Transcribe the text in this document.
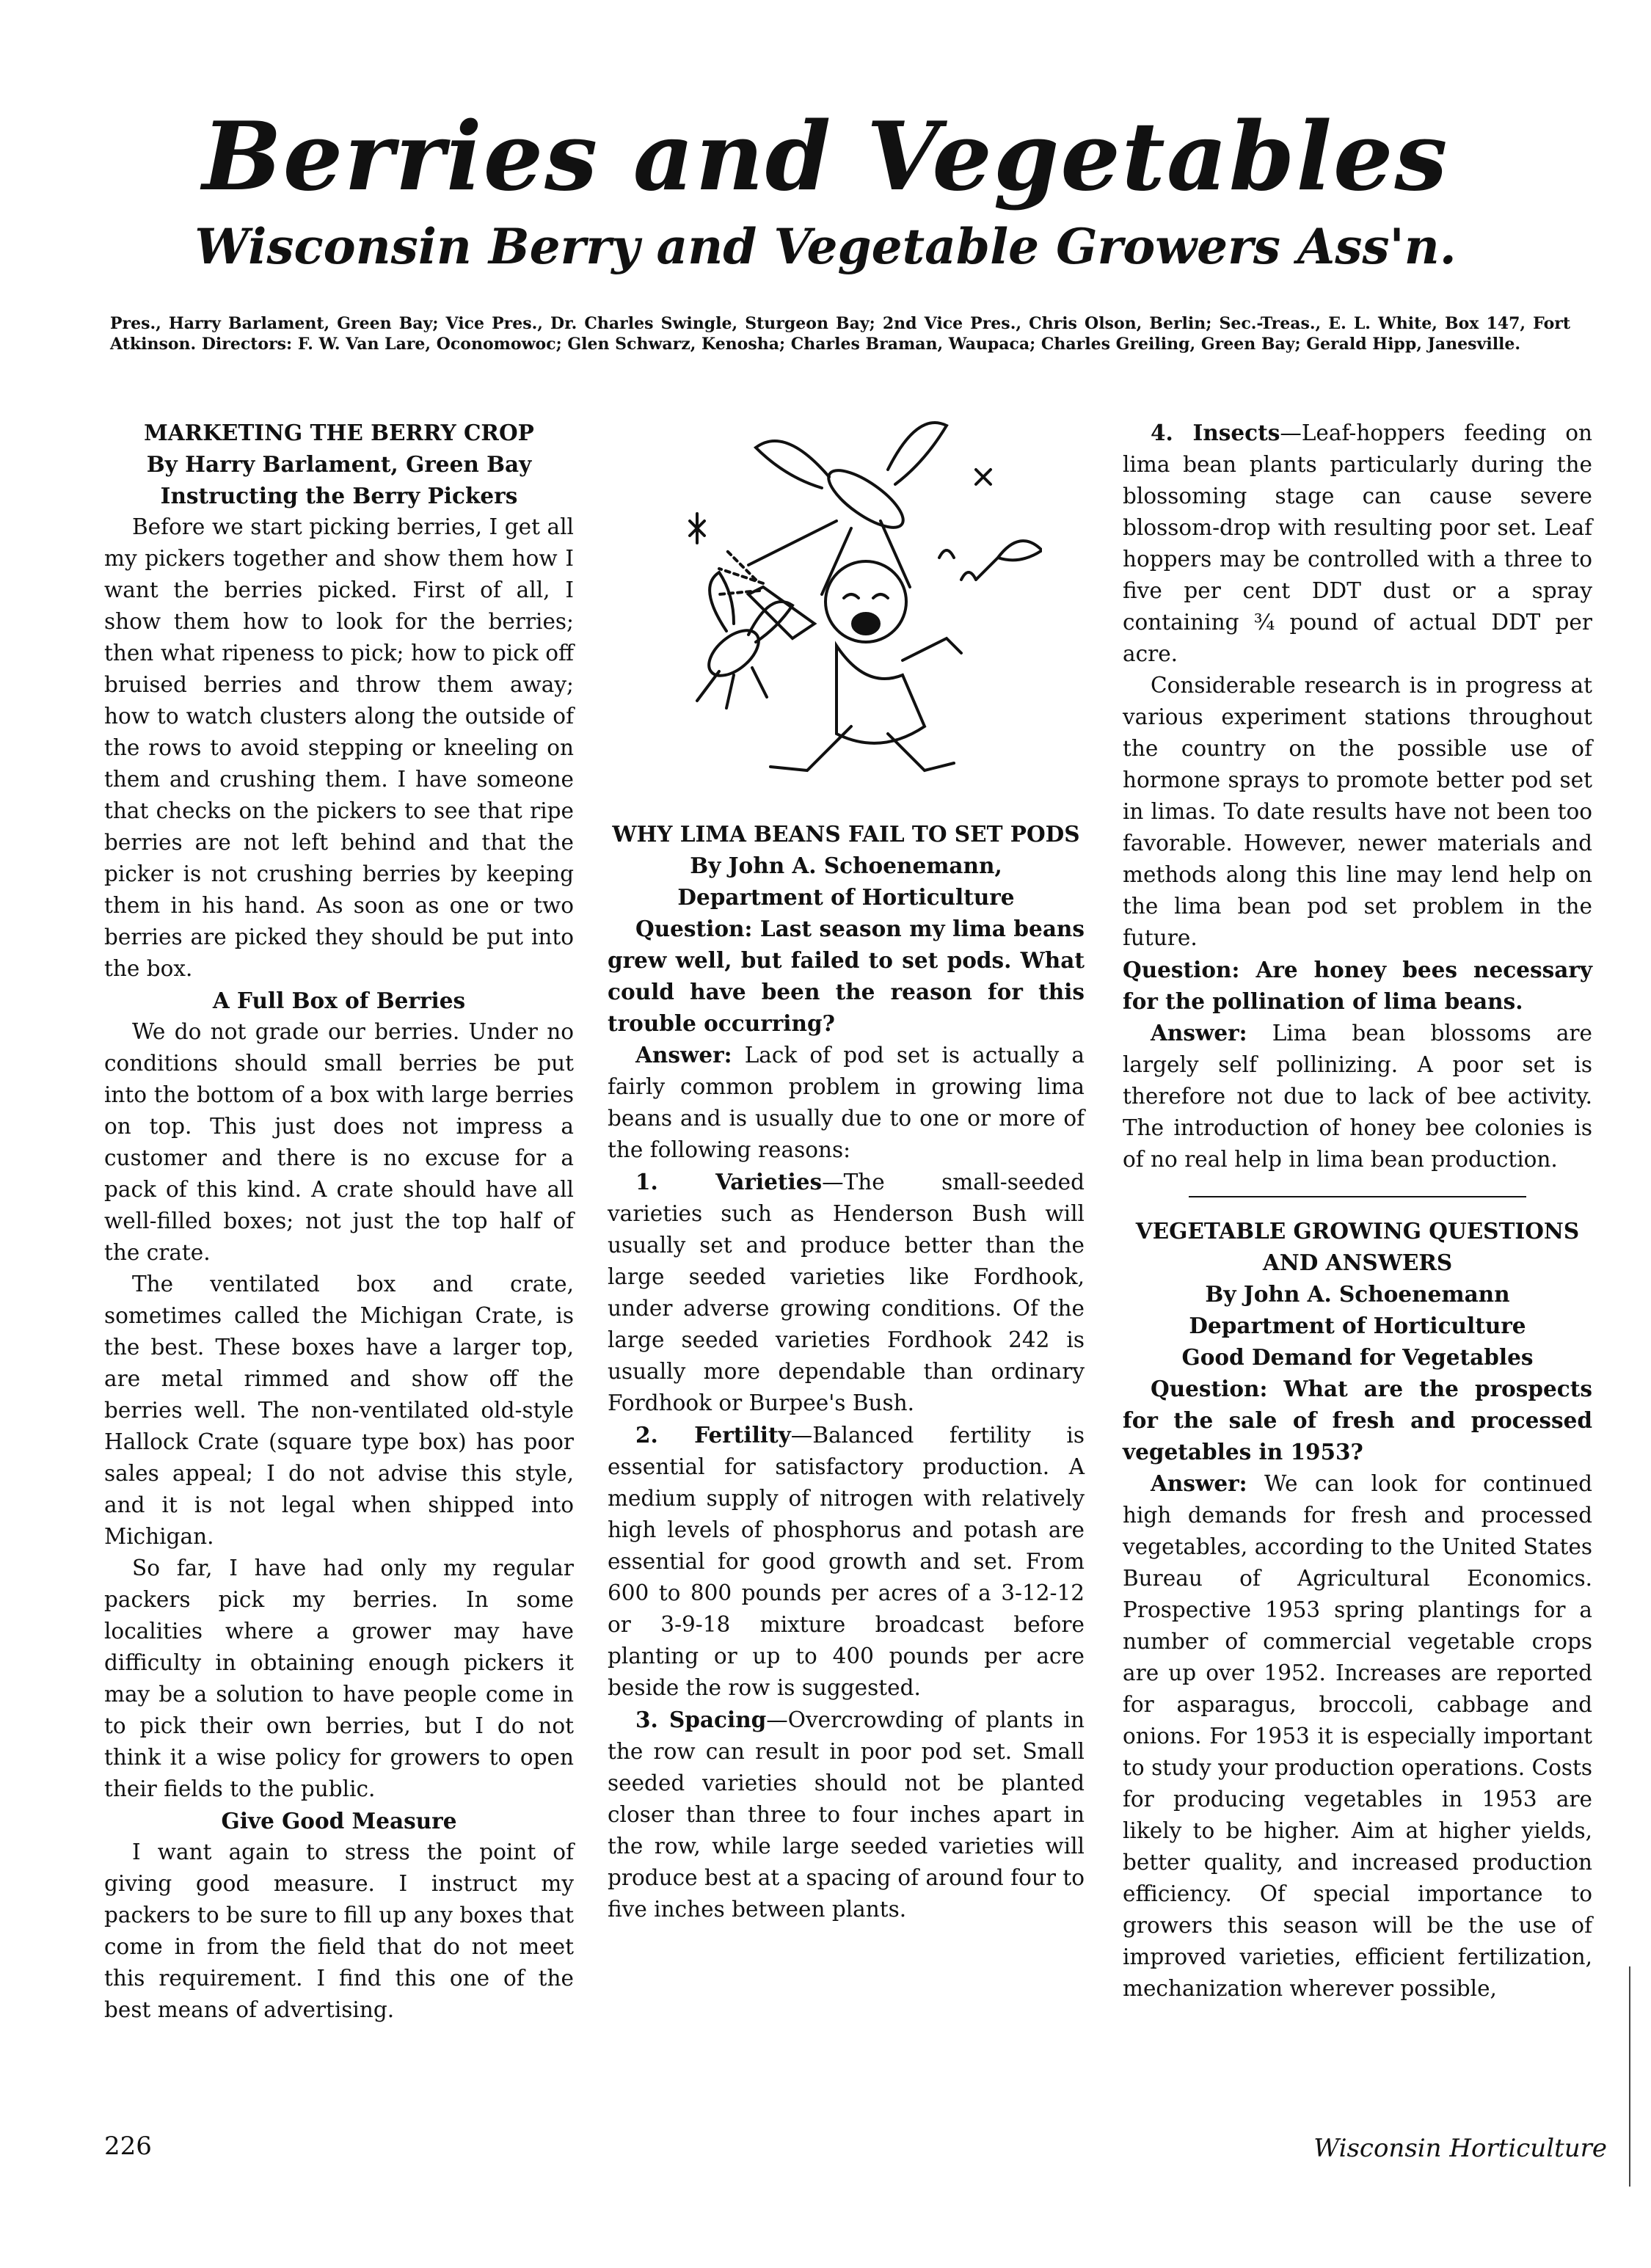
Berries and Vegetables
Wisconsin Berry and Vegetable Growers Ass'n.
Pres., Harry Barlament, Green Bay; Vice Pres., Dr. Charles Swingle, Sturgeon Bay; 2nd Vice Pres., Chris Olson, Berlin; Sec.-Treas., E. L. White, Box 147, Fort Atkinson. Directors: F. W. Van Lare, Oconomowoc; Glen Schwarz, Kenosha; Charles Braman, Waupaca; Charles Greiling, Green Bay; Gerald Hipp, Janesville.
MARKETING THE BERRY CROP
By Harry Barlament, Green Bay
Instructing the Berry Pickers

Before we start picking berries, I get all my pickers together and show them how I want the berries picked. First of all, I show them how to look for the berries; then what ripeness to pick; how to pick off bruised berries and throw them away; how to watch clusters along the outside of the rows to avoid stepping or kneeling on them and crushing them. I have someone that checks on the pickers to see that ripe berries are not left behind and that the picker is not crushing berries by keeping them in his hand. As soon as one or two berries are picked they should be put into the box.

A Full Box of Berries

We do not grade our berries. Under no conditions should small berries be put into the bottom of a box with large berries on top. This just does not impress a customer and there is no excuse for a pack of this kind. A crate should have all well-filled boxes; not just the top half of the crate.

The ventilated box and crate, sometimes called the Michigan Crate, is the best. These boxes have a larger top, are metal rimmed and show off the berries well. The non-ventilated old-style Hallock Crate (square type box) has poor sales appeal; I do not advise this style, and it is not legal when shipped into Michigan.

So far, I have had only my regular packers pick my berries. In some localities where a grower may have difficulty in obtaining enough pickers it may be a solution to have people come in to pick their own berries, but I do not think it a wise policy for growers to open their fields to the public.

Give Good Measure

I want again to stress the point of giving good measure. I instruct my packers to be sure to fill up any boxes that come in from the field that do not meet this requirement. I find this one of the best means of advertising.

WHY LIMA BEANS FAIL TO SET PODS
By John A. Schoenemann,
Department of Horticulture

Question: Last season my lima beans grew well, but failed to set pods. What could have been the reason for this trouble occurring?

Answer: Lack of pod set is actually a fairly common problem in growing lima beans and is usually due to one or more of the following reasons:

1. Varieties—The small-seeded varieties such as Henderson Bush will usually set and produce better than the large seeded varieties like Fordhook, under adverse growing conditions. Of the large seeded varieties Fordhook 242 is usually more dependable than ordinary Fordhook or Burpee's Bush.

2. Fertility—Balanced fertility is essential for satisfactory production. A medium supply of nitrogen with relatively high levels of phosphorus and potash are essential for good growth and set. From 600 to 800 pounds per acres of a 3-12-12 or 3-9-18 mixture broadcast before planting or up to 400 pounds per acre beside the row is suggested.

3. Spacing—Overcrowding of plants in the row can result in poor pod set. Small seeded varieties should not be planted closer than three to four inches apart in the row, while large seeded varieties will produce best at a spacing of around four to five inches between plants.

4. Insects—Leaf-hoppers feeding on lima bean plants particularly during the blossoming stage can cause severe blossom-drop with resulting poor set. Leaf hoppers may be controlled with a three to five per cent DDT dust or a spray containing ¾ pound of actual DDT per acre.

Considerable research is in progress at various experiment stations throughout the country on the possible use of hormone sprays to promote better pod set in limas. To date results have not been too favorable. However, newer materials and methods along this line may lend help on the lima bean pod set problem in the future.

Question: Are honey bees necessary for the pollination of lima beans.

Answer: Lima bean blossoms are largely self pollinizing. A poor set is therefore not due to lack of bee activity. The introduction of honey bee colonies is of no real help in lima bean production.

VEGETABLE GROWING QUESTIONS AND ANSWERS
By John A. Schoenemann
Department of Horticulture
Good Demand for Vegetables

Question: What are the prospects for the sale of fresh and processed vegetables in 1953?

Answer: We can look for continued high demands for fresh and processed vegetables, according to the United States Bureau of Agricultural Economics. Prospective 1953 spring plantings for a number of commercial vegetable crops are up over 1952. Increases are reported for asparagus, broccoli, cabbage and onions. For 1953 it is especially important to study your production operations. Costs for producing vegetables in 1953 are likely to be higher. Aim at higher yields, better quality, and increased production efficiency. Of special importance to growers this season will be the use of improved varieties, efficient fertilization, mechanization wherever possible,

226	Wisconsin Horticulture
